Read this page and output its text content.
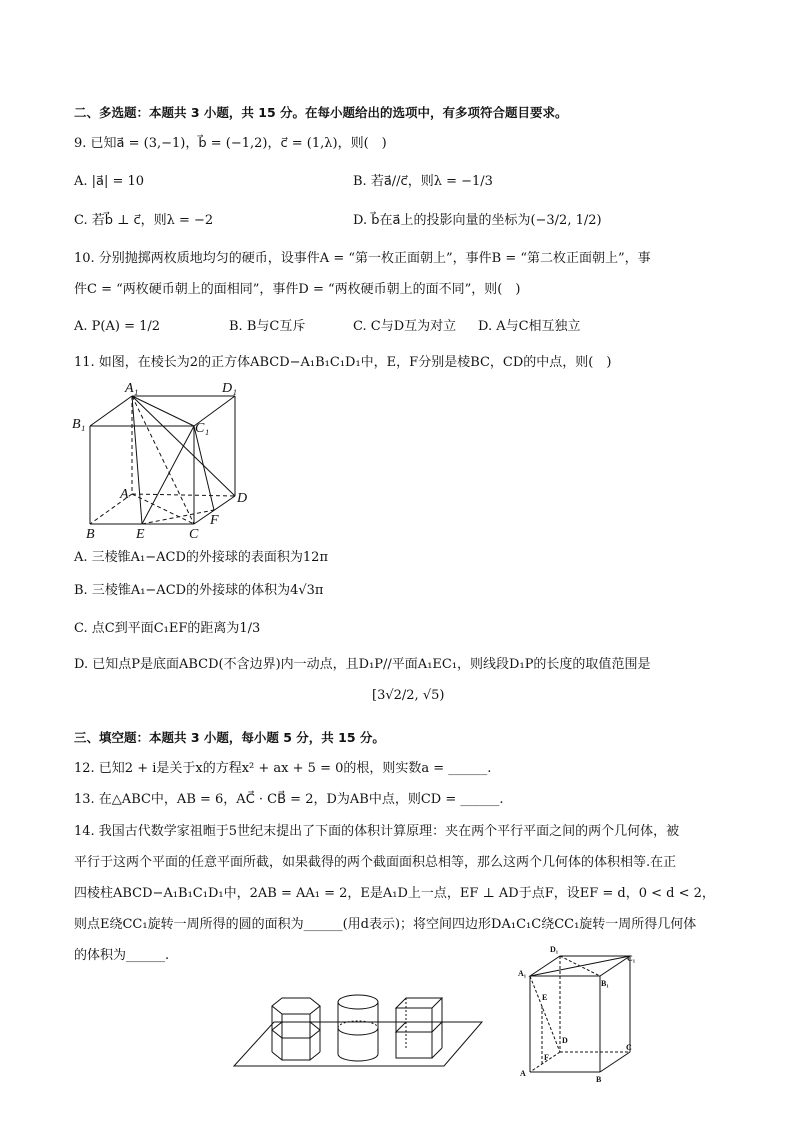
二、多选题：本题共 3 小题，共 15 分。在每小题给出的选项中，有多项符合题目要求。
9. 已知a⃗ = (3,−1)，b⃗ = (−1,2)，c⃗ = (1,λ)，则(　)
A. |a⃗| = 10	B. 若a⃗//c⃗，则λ = −1/3
C. 若b⃗ ⊥ c⃗，则λ = −2	D. b⃗在a⃗上的投影向量的坐标为(−3/2, 1/2)
10. 分别抛掷两枚质地均匀的硬币，设事件A = “第一枚正面朝上”，事件B = “第二枚正面朝上”，事
件C = “两枚硬币朝上的面相同”，事件D = “两枚硬币朝上的面不同”，则(　)
A. P(A) = 1/2	B. B与C互斥	C. C与D互为对立 D. A与C相互独立
11. 如图，在棱长为2的正方体ABCD−A₁B₁C₁D₁中，E，F分别是棱BC，CD的中点，则(　)
A₁	D₁
B₁	C₁
A	D
B	E	C
F
A. 三棱锥A₁−ACD的外接球的表面积为12π
B. 三棱锥A₁−ACD的外接球的体积为4√3π
C. 点C到平面C₁EF的距离为1/3
D. 已知点P是底面ABCD(不含边界)内一动点，且D₁P//平面A₁EC₁，则线段D₁P的长度的取值范围是
[3√2/2, √5)
三、填空题：本题共 3 小题，每小题 5 分，共 15 分。
12. 已知2 + i是关于x的方程x² + ax + 5 = 0的根，则实数a = ______.
13. 在△ABC中，AB = 6，AC⃗ · CB⃗ = 2，D为AB中点，则CD = ______.
14. 我国古代数学家祖暅于5世纪末提出了下面的体积计算原理：夹在两个平行平面之间的两个几何体，被
平行于这两个平面的任意平面所截，如果截得的两个截面面积总相等，那么这两个几何体的体积相等.在正
四棱柱ABCD−A₁B₁C₁D₁中，2AB = AA₁ = 2，E是A₁D上一点，EF ⊥ AD于点F，设EF = d，0 < d < 2，
则点E绕CC₁旋转一周所得的圆的面积为______(用d表示)；将空间四边形DA₁C₁C绕CC₁旋转一周所得几何体
的体积为______.	D₁
C₁
A₁
B₁
E
D
C
F
A
B
